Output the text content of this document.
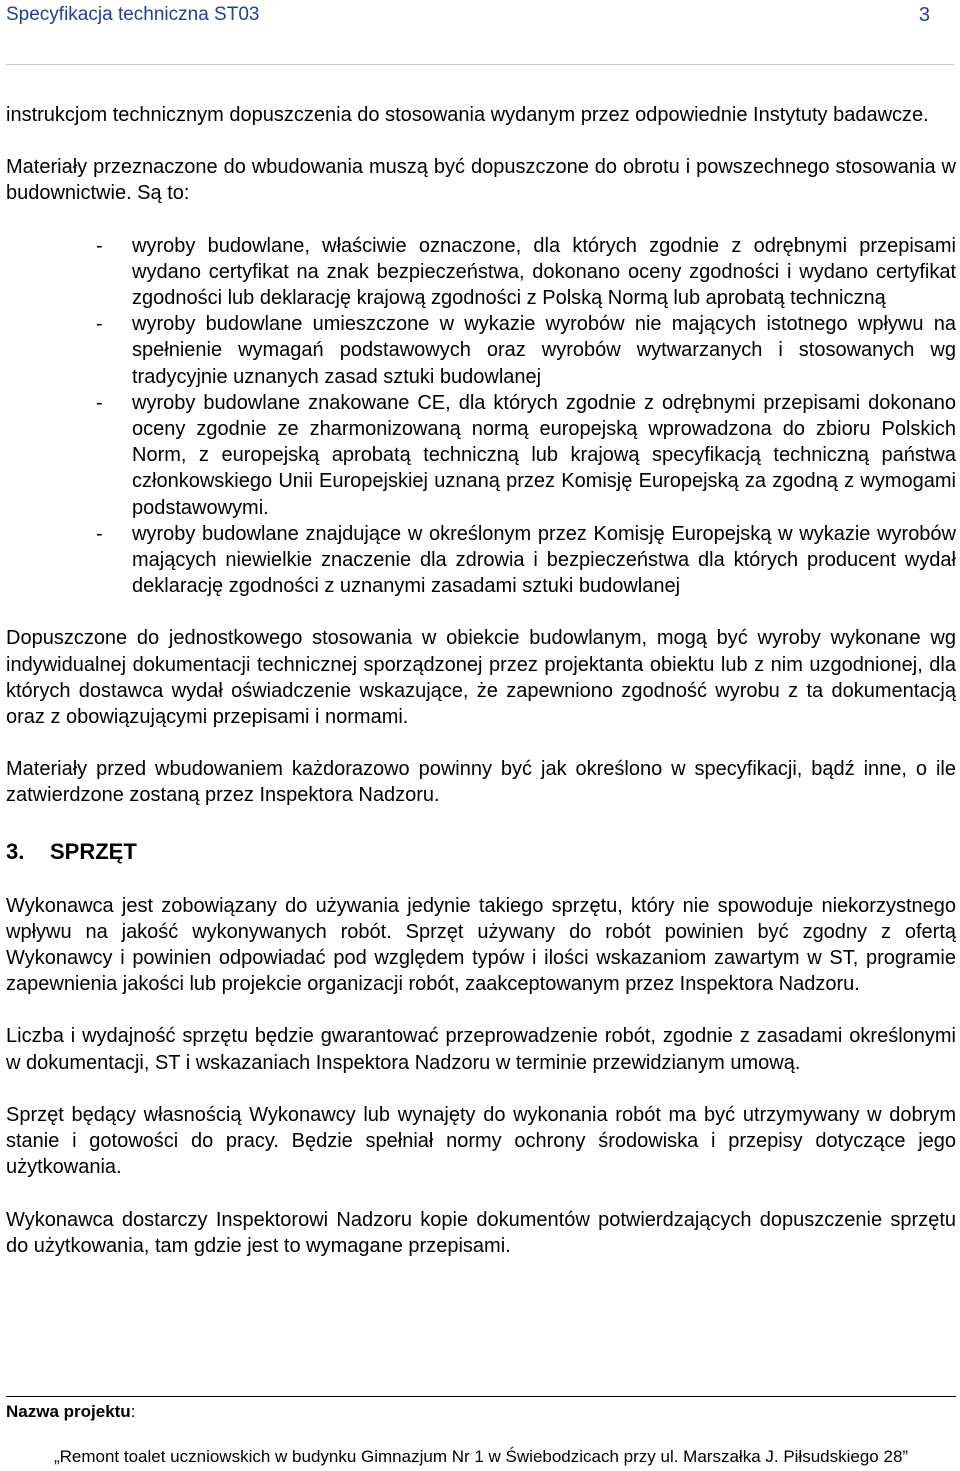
Specyfikacja techniczna ST03	3

instrukcjom technicznym dopuszczenia do stosowania wydanym przez odpowiednie Instytuty badawcze.

Materiały przeznaczone do wbudowania muszą być dopuszczone do obrotu i powszechnego stosowania w budownictwie. Są to:

- wyroby budowlane, właściwie oznaczone, dla których zgodnie z odrębnymi przepisami wydano certyfikat na znak bezpieczeństwa, dokonano oceny zgodności i wydano certyfikat zgodności lub deklarację krajową zgodności z Polską Normą lub aprobatą techniczną
- wyroby budowlane umieszczone w wykazie wyrobów nie mających istotnego wpływu na spełnienie wymagań podstawowych oraz wyrobów wytwarzanych i stosowanych wg tradycyjnie uznanych zasad sztuki budowlanej
- wyroby budowlane znakowane CE, dla których zgodnie z odrębnymi przepisami dokonano oceny zgodnie ze zharmonizowaną normą europejską wprowadzona do zbioru Polskich Norm, z europejską aprobatą techniczną lub krajową specyfikacją techniczną państwa członkowskiego Unii Europejskiej uznaną przez Komisję Europejską za zgodną z wymogami podstawowymi.
- wyroby budowlane znajdujące w określonym przez Komisję Europejską w wykazie wyrobów mających niewielkie znaczenie dla zdrowia i bezpieczeństwa dla których producent wydał deklarację zgodności z uznanymi zasadami sztuki budowlanej

Dopuszczone do jednostkowego stosowania w obiekcie budowlanym, mogą być wyroby wykonane wg indywidualnej dokumentacji technicznej sporządzonej przez projektanta obiektu lub z nim uzgodnionej, dla których dostawca wydał oświadczenie wskazujące, że zapewniono zgodność wyrobu z ta dokumentacją oraz z obowiązującymi przepisami i normami.

Materiały przed wbudowaniem każdorazowo powinny być jak określono w specyfikacji, bądź inne, o ile zatwierdzone zostaną przez Inspektora Nadzoru.

3. SPRZĘT

Wykonawca jest zobowiązany do używania jedynie takiego sprzętu, który nie spowoduje niekorzystnego wpływu na jakość wykonywanych robót. Sprzęt używany do robót powinien być zgodny z ofertą Wykonawcy i powinien odpowiadać pod względem typów i ilości wskazaniom zawartym w ST, programie zapewnienia jakości lub projekcie organizacji robót, zaakceptowanym przez Inspektora Nadzoru.

Liczba i wydajność sprzętu będzie gwarantować przeprowadzenie robót, zgodnie z zasadami określonymi w dokumentacji, ST i wskazaniach Inspektora Nadzoru w terminie przewidzianym umową.

Sprzęt będący własnością Wykonawcy lub wynajęty do wykonania robót ma być utrzymywany w dobrym stanie i gotowości do pracy. Będzie spełniał normy ochrony środowiska i przepisy dotyczące jego użytkowania.

Wykonawca dostarczy Inspektorowi Nadzoru kopie dokumentów potwierdzających dopuszczenie sprzętu do użytkowania, tam gdzie jest to wymagane przepisami.

Nazwa projektu:
„Remont toalet uczniowskich w budynku Gimnazjum Nr 1 w Świebodzicach przy ul. Marszałka J. Piłsudskiego 28”
